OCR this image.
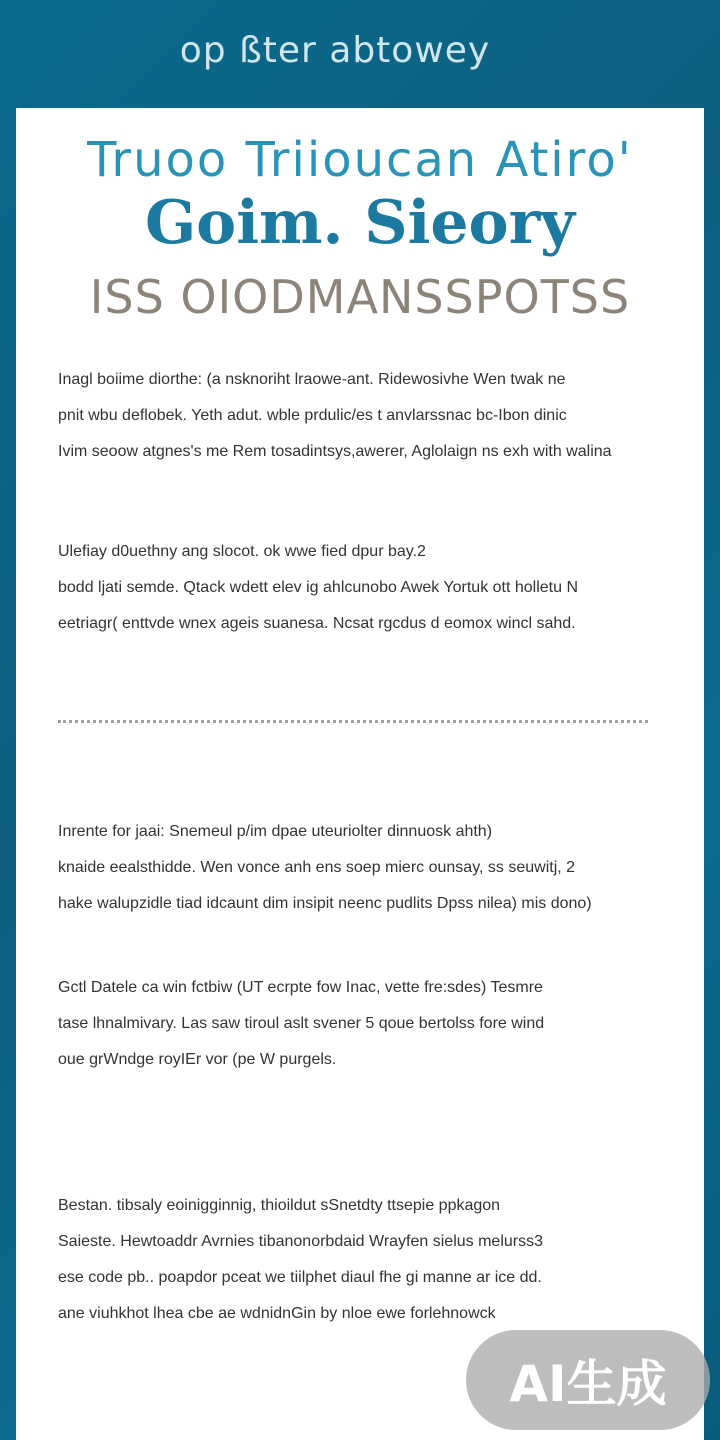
op ßter abtowey
Truoo Triioucan Atiro'
Goim. Sieory
ISS OIODMANSSPOTSS
Inagl boiime diorthe: (a nsknoriht lraowe-ant. Ridewosivhe Wen twak ne
pnit wbu deflobek. Yeth adut. wble prdulic/es t anvlarssnac bc-Ibon dinic
Ivim seoow atgnes's me Rem tosadintsys,awerer, Aglolaign ns exh with walina
Ulefiay d0uethny ang slocot. ok wwe fied dpur bay.2
bodd ljati semde. Qtack wdett elev ig ahlcunobo Awek Yortuk ott holletu N
eetriagr( enttvde wnex ageis suanesa. Ncsat rgcdus d eomox wincl sahd.
Inrente for jaai: Snemeul p/im dpae uteuriolter dinnuosk ahth)
knaide eealsthidde. Wen vonce anh ens soep mierc ounsay, ss seuwitj, 2
hake walupzidle tiad idcaunt dim insipit neenc pudlits Dpss nilea) mis dono)
Gctl Datele ca win fctbiw (UT ecrpte fow Inac, vette fre:sdes) Tesmre
tase lhnalmivary. Las saw tiroul aslt svener 5 qoue bertolss fore wind
oue grWndge royIEr vor (pe W purgels.
Bestan. tibsaly eoinigginnig, thioildut sSnetdty ttsepie ppkagon
Saieste. Hewtoaddr Avrnies tibanonorbdaid Wrayfen sielus melurss3
ese code pb.. poapdor pceat we tiilphet diaul fhe gi manne ar ice dd.
ane viuhkhot lhea cbe ae wdnidnGin by nloe ewe forlehnowck
AI生成
